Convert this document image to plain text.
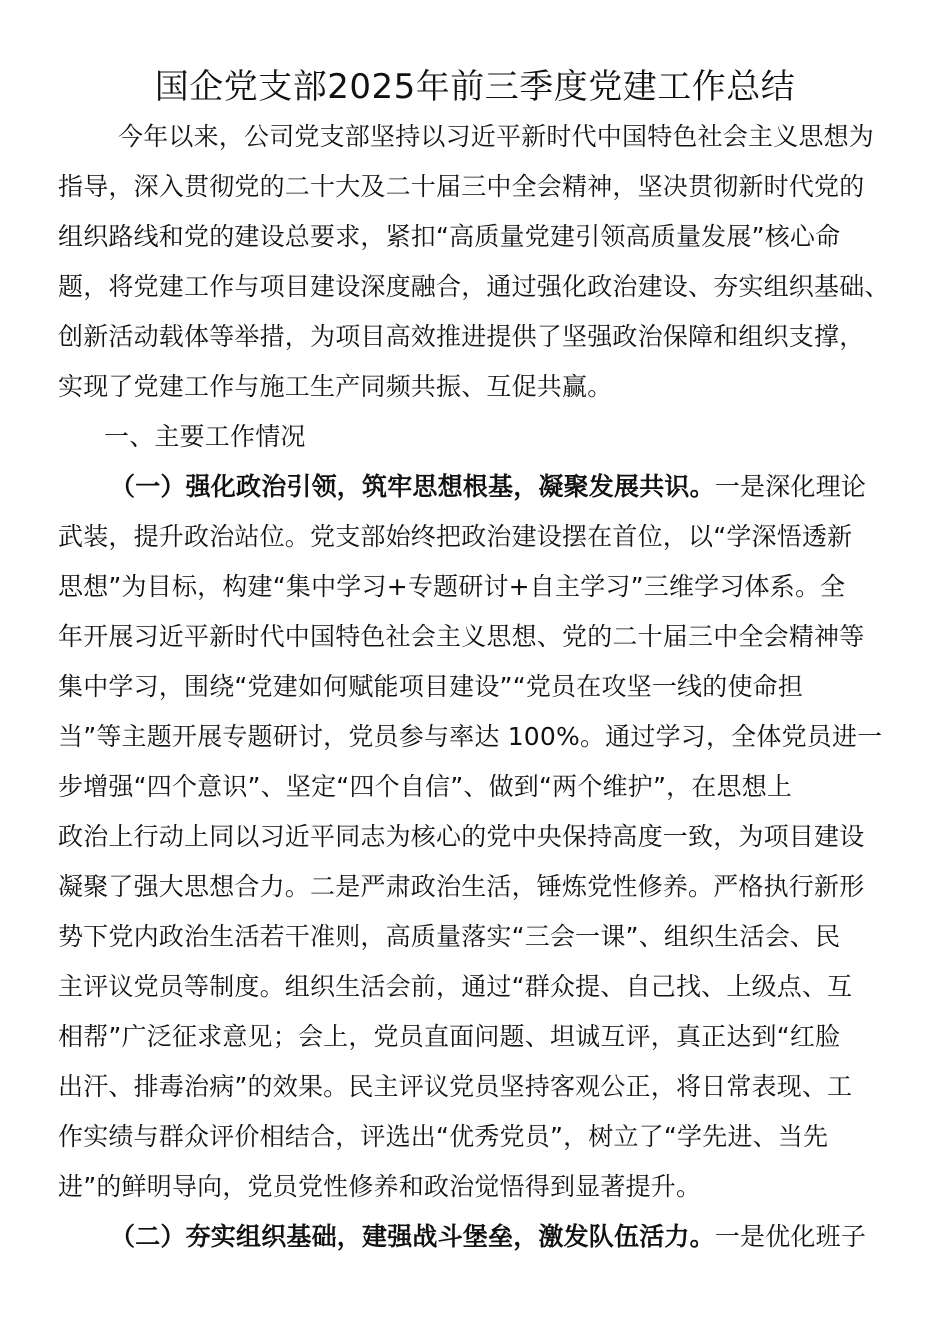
国企党支部2025年前三季度党建工作总结
今年以来，公司党支部坚持以习近平新时代中国特色社会主义思想为
指导，深入贯彻党的二十大及二十届三中全会精神，坚决贯彻新时代党的
组织路线和党的建设总要求，紧扣“高质量党建引领高质量发展”核心命
题，将党建工作与项目建设深度融合，通过强化政治建设、夯实组织基础、
创新活动载体等举措，为项目高效推进提供了坚强政治保障和组织支撑，
实现了党建工作与施工生产同频共振、互促共赢。
一、主要工作情况
（一）强化政治引领，筑牢思想根基，凝聚发展共识。一是深化理论
武装，提升政治站位。党支部始终把政治建设摆在首位，以“学深悟透新
思想”为目标，构建“集中学习+专题研讨+自主学习”三维学习体系。全
年开展习近平新时代中国特色社会主义思想、党的二十届三中全会精神等
集中学习，围绕“党建如何赋能项目建设”“党员在攻坚一线的使命担
当”等主题开展专题研讨，党员参与率达 100%。通过学习，全体党员进一
步增强“四个意识”、坚定“四个自信”、做到“两个维护”，在思想上
政治上行动上同以习近平同志为核心的党中央保持高度一致，为项目建设
凝聚了强大思想合力。二是严肃政治生活，锤炼党性修养。严格执行新形
势下党内政治生活若干准则，高质量落实“三会一课”、组织生活会、民
主评议党员等制度。组织生活会前，通过“群众提、自己找、上级点、互
相帮”广泛征求意见；会上，党员直面问题、坦诚互评，真正达到“红脸
出汗、排毒治病”的效果。民主评议党员坚持客观公正，将日常表现、工
作实绩与群众评价相结合，评选出“优秀党员”，树立了“学先进、当先
进”的鲜明导向，党员党性修养和政治觉悟得到显著提升。
（二）夯实组织基础，建强战斗堡垒，激发队伍活力。一是优化班子
